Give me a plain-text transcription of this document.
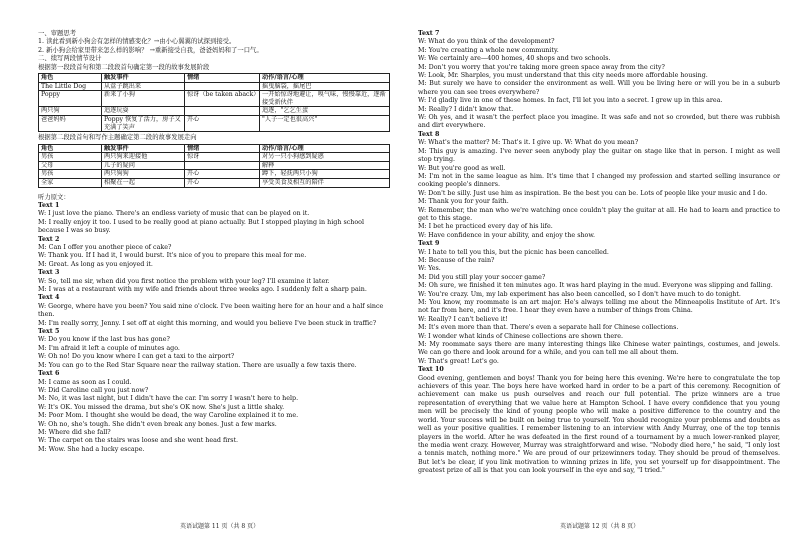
一、审题思考
1. 读此看到新小狗会有怎样的情感变化？→由小心翼翼的试探到接受。
2. 新小狗会给家里带来怎么样的影响？ →重新接受自我，爸爸妈妈和了一口气。
二、续写两段情节设计
根据第一段段首句和第二段段首句确定第一段的故事发展阶段
角色	触发事件	情绪	动作/语言/心理
The Little Dog	从盒子跳出来		摇曳脑袋，摇尾巴
Poppy	新来了小狗	惊讶（be taken aback）	一开始惊讶地避让，嗅气味，慢慢靠近，逐渐接受新伙伴
两只狗	追逐玩耍		追逐，"乞乞生蛋
爸爸妈妈	Poppy 恢复了活力，房子又充满了笑声	开心	"人子一定也很高兴"
根据第二段段首句和写作主题确定第二段的故事发展走向
角色	触发事件	情绪	动作/语言/心理
男孩	两只狗来迎接他	惊讶	对另一只小狗感到疑惑
父母	儿子的疑问		解释
男孩	两只狗狗	开心	蹲下，轻抚两只小狗
全家	相聚在一起	开心	享受美食及相互的陪伴
听力原文：
Text 1
W: I just love the piano. There's an endless variety of music that can be played on it.
M: I really enjoy it too. I used to be really good at piano actually. But I stopped playing in high school because I was so busy.
Text 2
M: Can I offer you another piece of cake?
W: Thank you. If I had it, I would burst. It's nice of you to prepare this meal for me.
M: Great. As long as you enjoyed it.
Text 3
W: So, tell me sir, when did you first notice the problem with your leg? I'll examine it later.
M: I was at a restaurant with my wife and friends about three weeks ago. I suddenly felt a sharp pain.
Text 4
W: George, where have you been? You said nine o'clock. I've been waiting here for an hour and a half since then.
M: I'm really sorry, Jenny. I set off at eight this morning, and would you believe I've been stuck in traffic?
Text 5
W: Do you know if the last bus has gone?
M: I'm afraid it left a couple of minutes ago.
W: Oh no! Do you know where I can get a taxi to the airport?
M: You can go to the Red Star Square near the railway station. There are usually a few taxis there.
Text 6
M: I came as soon as I could.
W: Did Caroline call you just now?
M: No, it was last night, but I didn't have the car. I'm sorry I wasn't here to help.
W: It's OK. You missed the drama, but she's OK now. She's just a little shaky.
M: Poor Mom. I thought she would be dead, the way Caroline explained it to me.
W: Oh no, she's tough. She didn't even break any bones. Just a few marks.
M: Where did she fall?
W: The carpet on the stairs was loose and she went head first.
M: Wow. She had a lucky escape.
Text 7
W: What do you think of the development?
M: You're creating a whole new community.
W: We certainly are—400 homes, 40 shops and two schools.
M: Don't you worry that you're taking more green space away from the city?
W: Look, Mr. Sharples, you must understand that this city needs more affordable housing.
M: But surely we have to consider the environment as well. Will you be living here or will you be in a suburb where you can see trees everywhere?
W: I'd gladly live in one of these homes. In fact, I'll let you into a secret. I grew up in this area.
M: Really? I didn't know that.
W: Oh yes, and it wasn't the perfect place you imagine. It was safe and not so crowded, but there was rubbish and dirt everywhere.
Text 8
W: What's the matter? M: That's it. I give up. W: What do you mean?
M: This guy is amazing. I've never seen anybody play the guitar on stage like that in person. I might as well stop trying.
W: But you're good as well.
M: I'm not in the same league as him. It's time that I changed my profession and started selling insurance or cooking people's dinners.
W: Don't be silly. Just use him as inspiration. Be the best you can be. Lots of people like your music and I do.
M: Thank you for your faith.
W: Remember, the man who we're watching once couldn't play the guitar at all. He had to learn and practice to get to this stage.
M: I bet he practiced every day of his life.
W: Have confidence in your ability, and enjoy the show.
Text 9
W: I hate to tell you this, but the picnic has been cancelled.
M: Because of the rain?
W: Yes.
M: Did you still play your soccer game?
M: Oh sure, we finished it ten minutes ago. It was hard playing in the mud. Everyone was slipping and falling.
W: You're crazy. Um, my lab experiment has also been cancelled, so I don't have much to do tonight.
M: You know, my roommate is an art major. He's always telling me about the Minneapolis Institute of Art. It's not far from here, and it's free. I hear they even have a number of things from China.
W: Really? I can't believe it!
M: It's even more than that. There's even a separate hall for Chinese collections.
W: I wonder what kinds of Chinese collections are shown there.
M: My roommate says there are many interesting things like Chinese water paintings, costumes, and jewels. We can go there and look around for a while, and you can tell me all about them.
W: That's great! Let's go.
Text 10
Good evening, gentlemen and boys! Thank you for being here this evening. We're here to congratulate the top achievers of this year. The boys here have worked hard in order to be a part of this ceremony. Recognition of achievement can make us push ourselves and reach our full potential. The prize winners are a true representation of everything that we value here at Hampton School. I have every confidence that you young men will be precisely the kind of young people who will make a positive difference to the country and the world. Your success will be built on being true to yourself. You should recognize your problems and doubts as well as your positive qualities. I remember listening to an interview with Andy Murray, one of the top tennis players in the world. After he was defeated in the first round of a tournament by a much lower-ranked player, the media went crazy. However, Murray was straightforward and wise. "Nobody died here," he said, "I only lost a tennis match, nothing more." We are proud of our prizewinners today. They should be proud of themselves. But let's be clear, if you link motivation to winning prizes in life, you set yourself up for disappointment. The greatest prize of all is that you can look yourself in the eye and say, "I tried."
英语试题第 11 页（共 8 页）	英语试题第 12 页（共 8 页）
